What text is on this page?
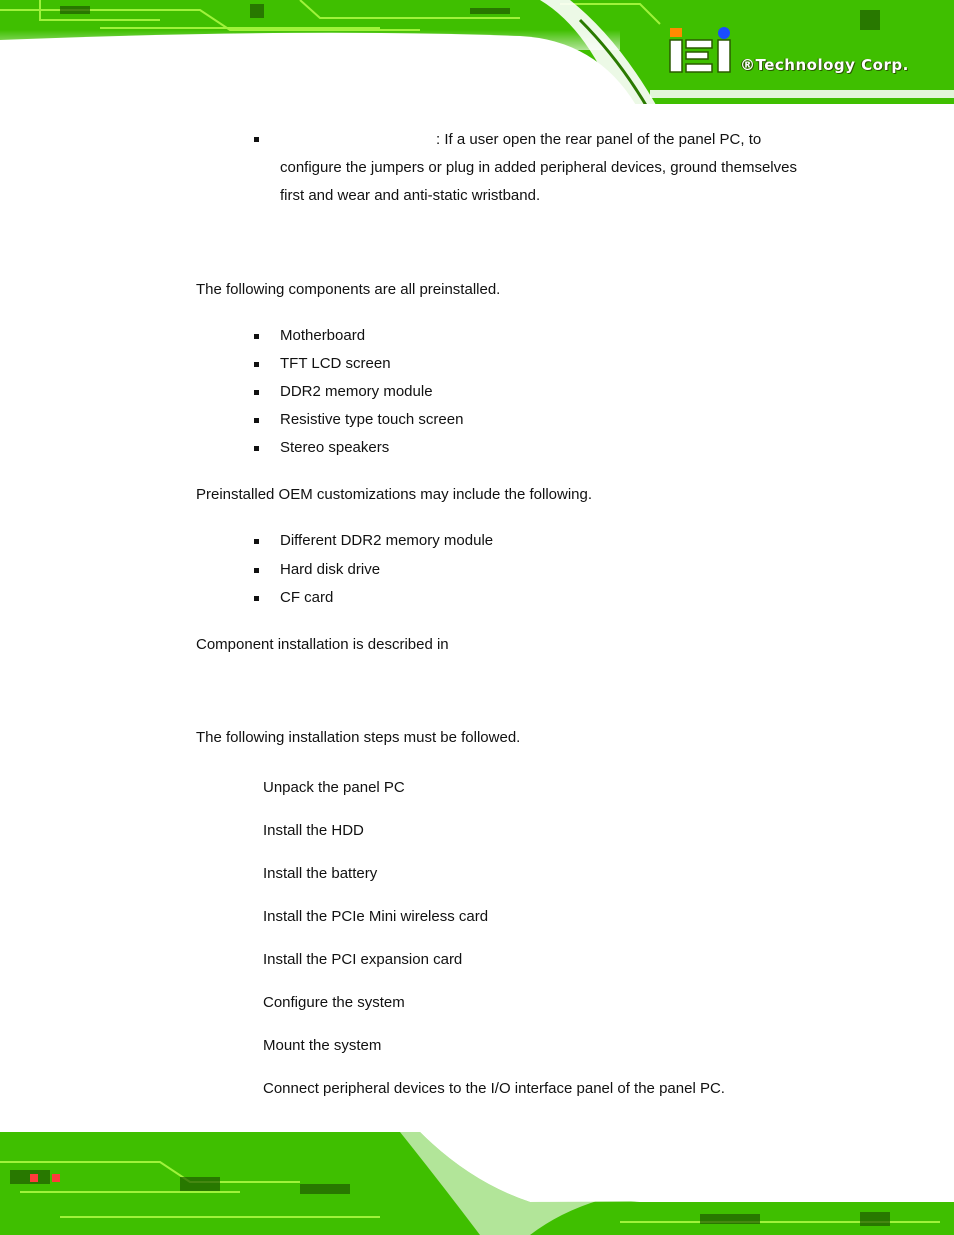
®Technology Corp.
: If a user open the rear panel of the panel PC, to
configure the jumpers or plug in added peripheral devices, ground themselves
first and wear and anti-static wristband.
The following components are all preinstalled.
Motherboard
TFT LCD screen
DDR2 memory module
Resistive type touch screen
Stereo speakers
Preinstalled OEM customizations may include the following.
Different DDR2 memory module
Hard disk drive
CF card
Component installation is described in
The following installation steps must be followed.
Unpack the panel PC
Install the HDD
Install the battery
Install the PCIe Mini wireless card
Install the PCI expansion card
Configure the system
Mount the system
Connect peripheral devices to the I/O interface panel of the panel PC.
